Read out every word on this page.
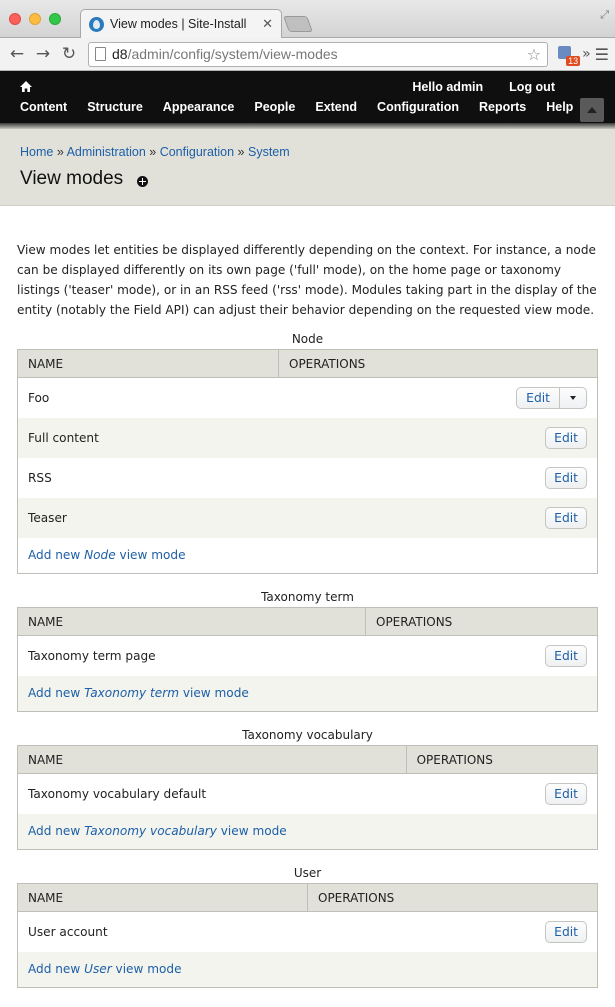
View modes | Site-Install	✕
⤢
← → ↻	d8/admin/config/system/view-modes	☆	13 » ☰
Hello admin Log out
Content Structure Appearance People Extend Configuration Reports Help
Home » Administration » Configuration » System
View modes

View modes let entities be displayed differently depending on the context. For instance, a node can be displayed differently on its own page ('full' mode), on the home page or taxonomy listings ('teaser' mode), or in an RSS feed ('rss' mode). Modules taking part in the display of the entity (notably the Field API) can adjust their behavior depending on the requested view mode.

Node
NAME	OPERATIONS
Foo	Edit

Full content	Edit
RSS	Edit
Teaser	Edit
Add new Node view mode	
Taxonomy term
NAME	OPERATIONS
Taxonomy term page	Edit
Add new Taxonomy term view mode	
Taxonomy vocabulary
NAME	OPERATIONS
Taxonomy vocabulary default	Edit
Add new Taxonomy vocabulary view mode	
User
NAME	OPERATIONS
User account	Edit
Add new User view mode	
